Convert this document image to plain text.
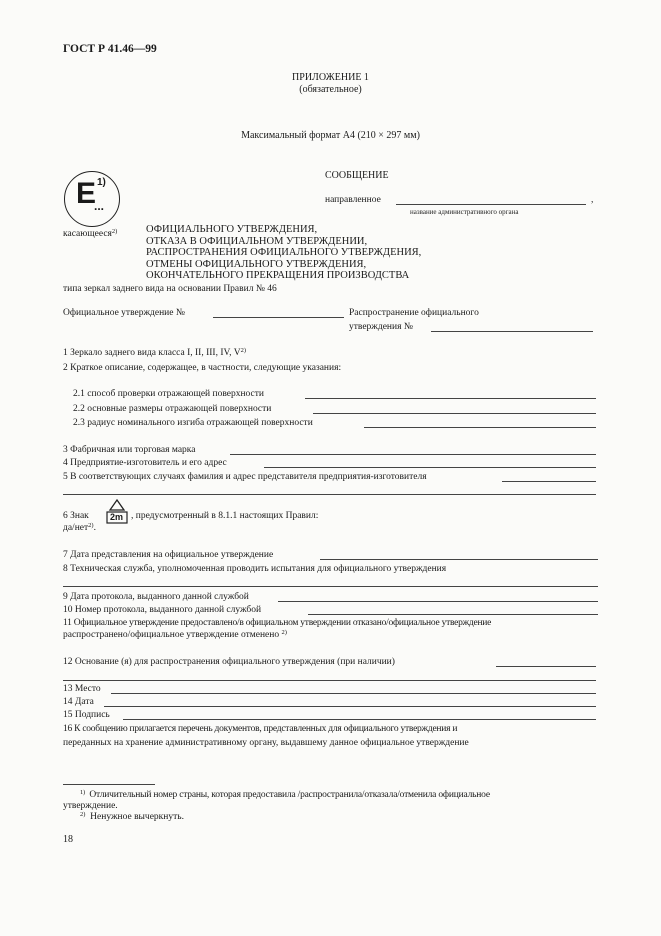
ГОСТ Р 41.46—99
ПРИЛОЖЕНИЕ 1
(обязательное)
Максимальный формат А4 (210 × 297 мм)
E 1)
...
СООБЩЕНИЕ
направленное	,
название административного органа
касающееся$^{2)}$	ОФИЦИАЛЬНОГО УТВЕРЖДЕНИЯ,
ОТКАЗА В ОФИЦИАЛЬНОМ УТВЕРЖДЕНИИ,
РАСПРОСТРАНЕНИЯ ОФИЦИАЛЬНОГО УТВЕРЖДЕНИЯ,
ОТМЕНЫ ОФИЦИАЛЬНОГО УТВЕРЖДЕНИЯ,
ОКОНЧАТЕЛЬНОГО ПРЕКРАЩЕНИЯ ПРОИЗВОДСТВА
типа зеркал заднего вида на основании Правил № 46
Официальное утверждение №	Распространение официального
утверждения №
1 Зеркало заднего вида класса I, II, III, IV, $V^{2)}$
2 Краткое описание, содержащее, в частности, следующие указания:
2.1 способ проверки отражающей поверхности
2.2 основные размеры отражающей поверхности
2.3 радиус номинального изгиба отражающей поверхности
3 Фабричная или торговая марка
4 Предприятие-изготовитель и его адрес
5 В соответствующих случаях фамилия и адрес представителя предприятия-изготовителя
6 Знак 2m , предусмотренный в 8.1.1 настоящих Правил:
да/нет$^{2)}$.
7 Дата представления на официальное утверждение
8 Техническая служба, уполномоченная проводить испытания для официального утверждения
9 Дата протокола, выданного данной службой
10 Номер протокола, выданного данной службой
11 Официальное утверждение предоставлено/в официальном утверждении отказано/официальное утверждение
распространено/официальное утверждение отменено $^{2)}$
12 Основание (я) для распространения официального утверждения (при наличии)
13 Место
14 Дата
15 Подпись
16 К сообщению прилагается перечень документов, представленных для официального утверждения и
переданных на хранение административному органу, выдавшему данное официальное утверждение
$^{1)}$ Отличительный номер страны, которая предоставила /распространила/отказала/отменила официальное
утверждение.
$^{2)}$ Ненужное вычеркнуть.
18
